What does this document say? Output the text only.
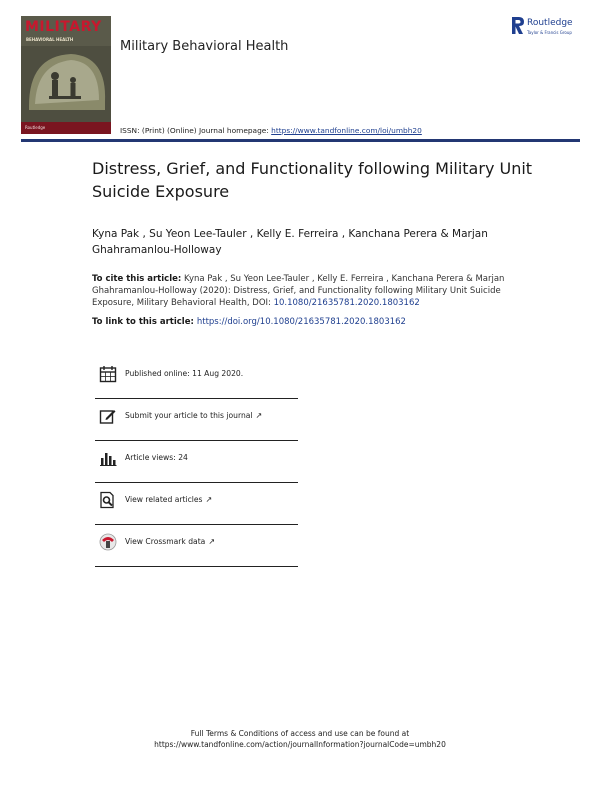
MILITARY
BEHAVIORAL HEALTH
Routledge
Military Behavioral Health
ISSN: (Print) (Online) Journal homepage: https://www.tandfonline.com/loi/umbh20
Routledge
Taylor & Francis Group
Distress, Grief, and Functionality following Military Unit Suicide Exposure
Kyna Pak , Su Yeon Lee-Tauler , Kelly E. Ferreira , Kanchana Perera & Marjan Ghahramanlou-Holloway
To cite this article: Kyna Pak , Su Yeon Lee-Tauler , Kelly E. Ferreira , Kanchana Perera & Marjan Ghahramanlou-Holloway (2020): Distress, Grief, and Functionality following Military Unit Suicide Exposure, Military Behavioral Health, DOI: 10.1080/21635781.2020.1803162
To link to this article: https://doi.org/10.1080/21635781.2020.1803162
Published online: 11 Aug 2020.
Submit your article to this journal ↗
Article views: 24
View related articles ↗
View Crossmark data ↗
Full Terms & Conditions of access and use can be found at
https://www.tandfonline.com/action/journalInformation?journalCode=umbh20
